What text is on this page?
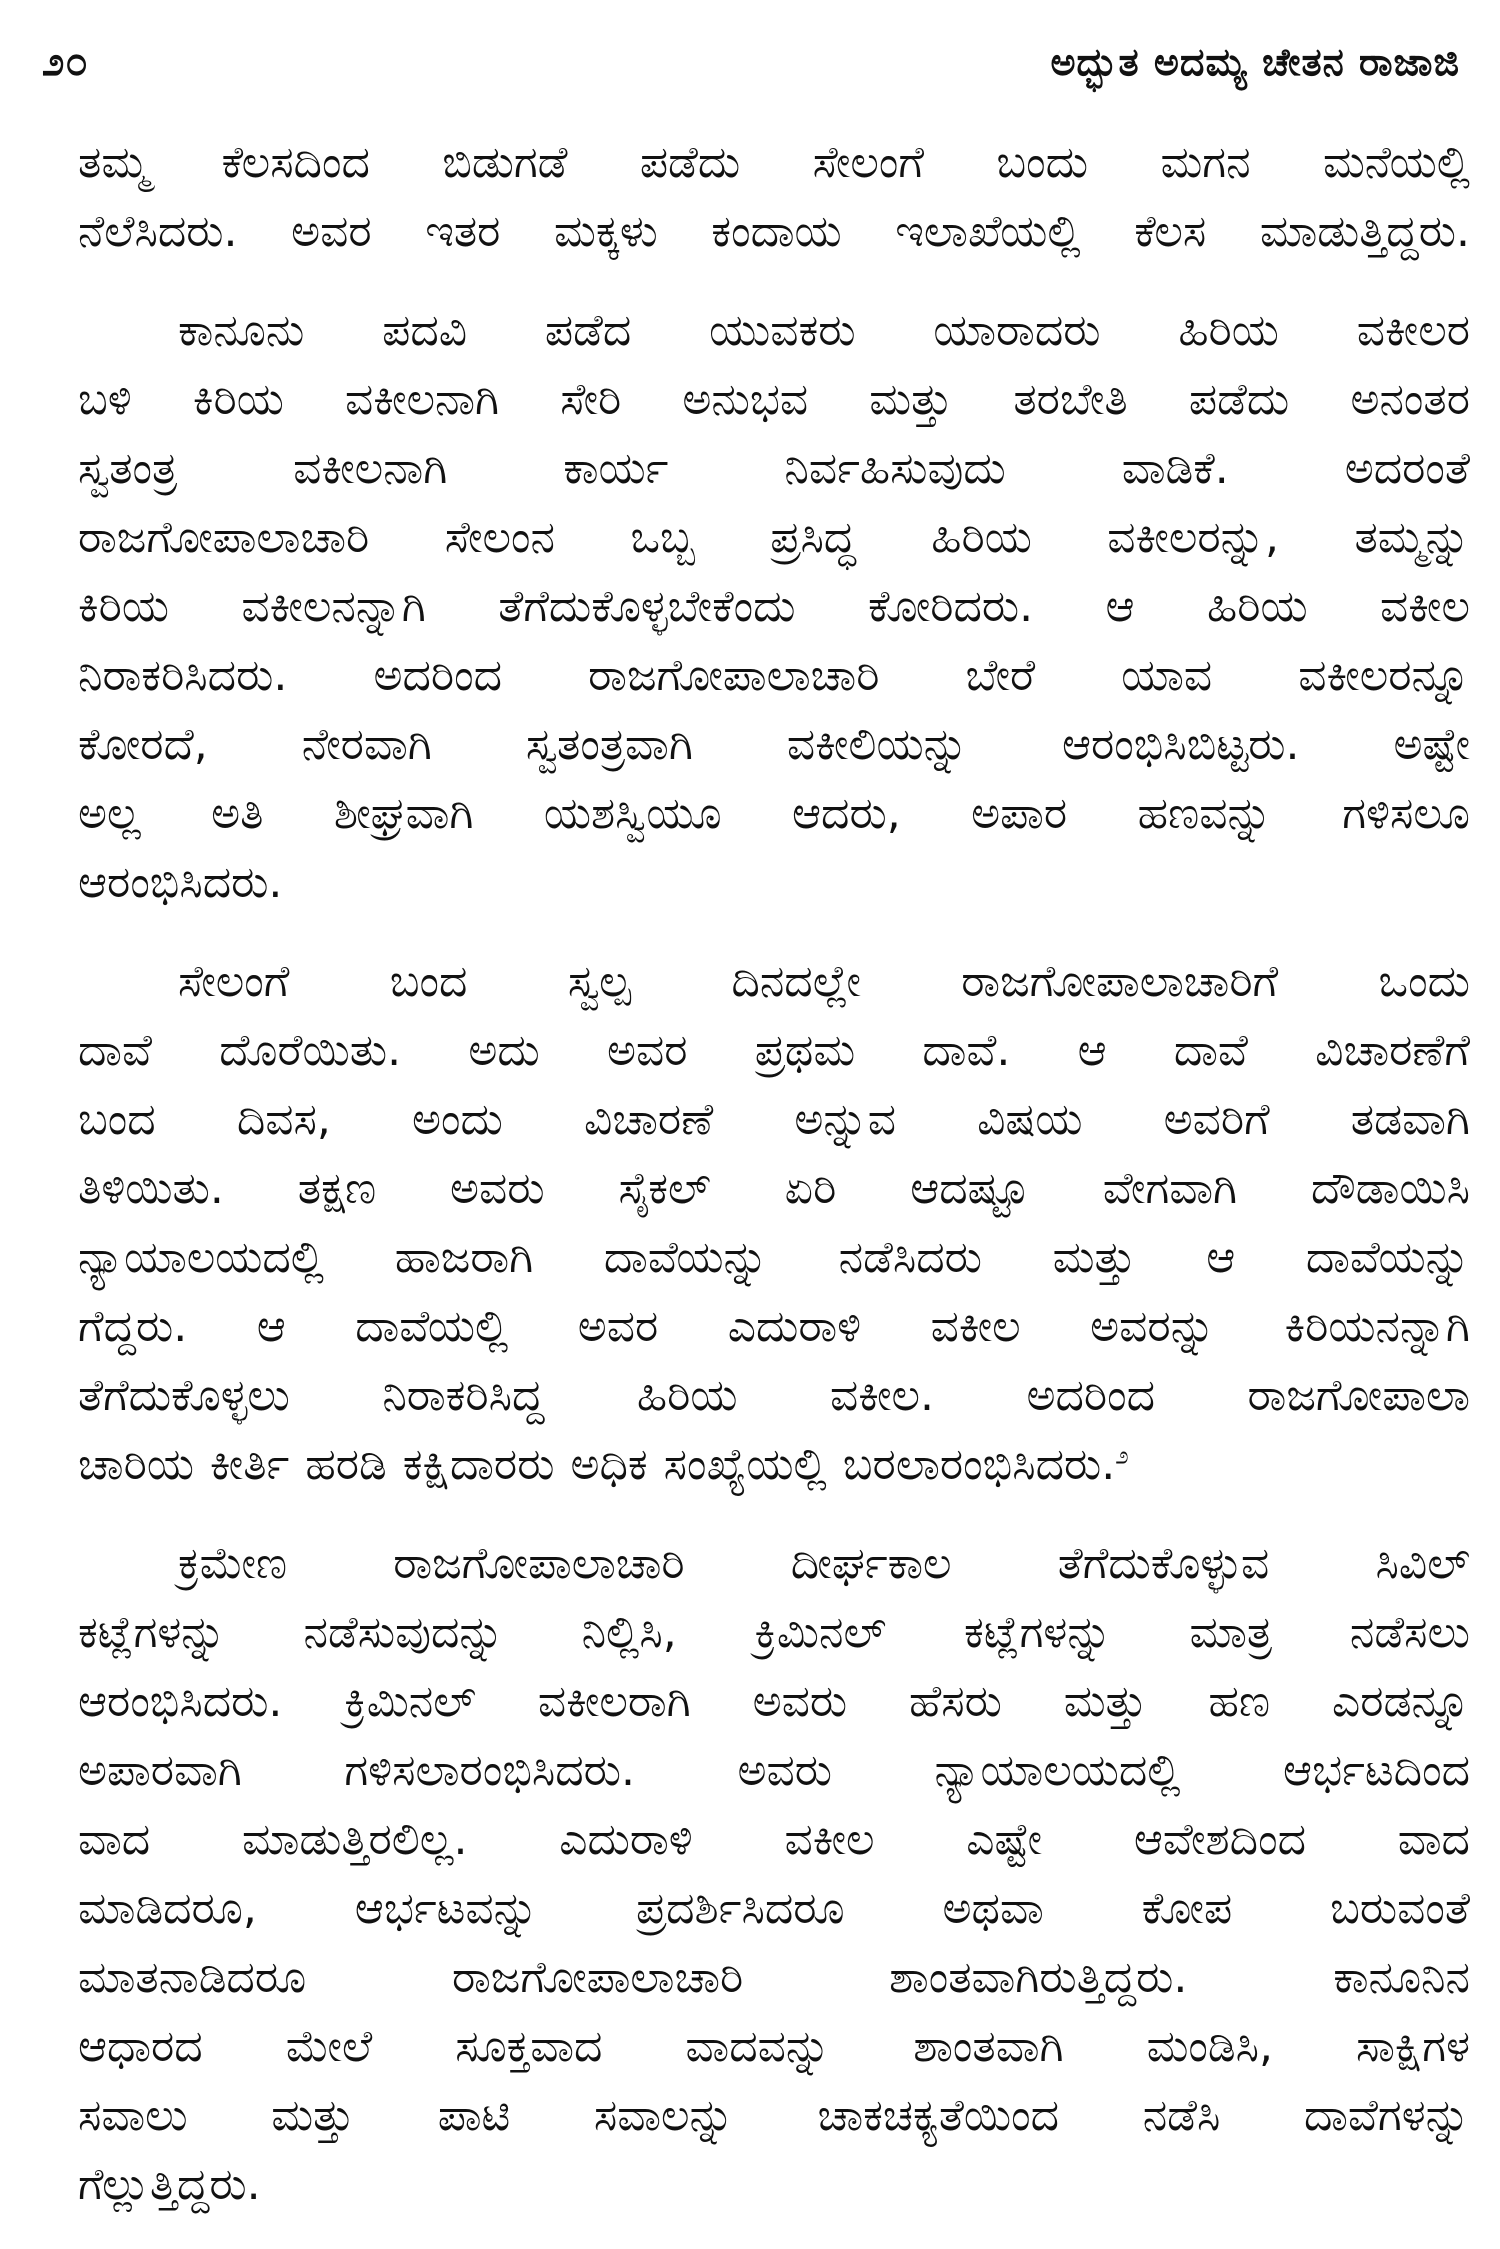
೨೦	ಅದ್ಭುತ ಅದಮ್ಯ ಚೇತನ ರಾಜಾಜಿ
ತಮ್ಮ ಕೆಲಸದಿಂದ ಬಿಡುಗಡೆ ಪಡೆದು ಸೇಲಂಗೆ ಬಂದು ಮಗನ ಮನೆಯಲ್ಲಿ
ನೆಲೆಸಿದರು. ಅವರ ಇತರ ಮಕ್ಕಳು ಕಂದಾಯ ಇಲಾಖೆಯಲ್ಲಿ ಕೆಲಸ ಮಾಡುತ್ತಿದ್ದರು.
ಕಾನೂನು ಪದವಿ ಪಡೆದ ಯುವಕರು ಯಾರಾದರು ಹಿರಿಯ ವಕೀಲರ
ಬಳಿ ಕಿರಿಯ ವಕೀಲನಾಗಿ ಸೇರಿ ಅನುಭವ ಮತ್ತು ತರಬೇತಿ ಪಡೆದು ಅನಂತರ
ಸ್ವತಂತ್ರ ವಕೀಲನಾಗಿ ಕಾರ್ಯ ನಿರ್ವಹಿಸುವುದು ವಾಡಿಕೆ. ಅದರಂತೆ
ರಾಜಗೋಪಾಲಾಚಾರಿ ಸೇಲಂನ ಒಬ್ಬ ಪ್ರಸಿದ್ಧ ಹಿರಿಯ ವಕೀಲರನ್ನು, ತಮ್ಮನ್ನು
ಕಿರಿಯ ವಕೀಲನನ್ನಾಗಿ ತೆಗೆದುಕೊಳ್ಳಬೇಕೆಂದು ಕೋರಿದರು. ಆ ಹಿರಿಯ ವಕೀಲ
ನಿರಾಕರಿಸಿದರು. ಅದರಿಂದ ರಾಜಗೋಪಾಲಾಚಾರಿ ಬೇರೆ ಯಾವ ವಕೀಲರನ್ನೂ
ಕೋರದೆ, ನೇರವಾಗಿ ಸ್ವತಂತ್ರವಾಗಿ ವಕೀಲಿಯನ್ನು ಆರಂಭಿಸಿಬಿಟ್ಟರು. ಅಷ್ಟೇ
ಅಲ್ಲ ಅತಿ ಶೀಘ್ರವಾಗಿ ಯಶಸ್ವಿಯೂ ಆದರು, ಅಪಾರ ಹಣವನ್ನು ಗಳಿಸಲೂ
ಆರಂಭಿಸಿದರು.
ಸೇಲಂಗೆ ಬಂದ ಸ್ವಲ್ಪ ದಿನದಲ್ಲೇ ರಾಜಗೋಪಾಲಾಚಾರಿಗೆ ಒಂದು
ದಾವೆ ದೊರೆಯಿತು. ಅದು ಅವರ ಪ್ರಥಮ ದಾವೆ. ಆ ದಾವೆ ವಿಚಾರಣೆಗೆ
ಬಂದ ದಿವಸ, ಅಂದು ವಿಚಾರಣೆ ಅನ್ನುವ ವಿಷಯ ಅವರಿಗೆ ತಡವಾಗಿ
ತಿಳಿಯಿತು. ತಕ್ಷಣ ಅವರು ಸೈಕಲ್ ಏರಿ ಆದಷ್ಟೂ ವೇಗವಾಗಿ ದೌಡಾಯಿಸಿ
ನ್ಯಾಯಾಲಯದಲ್ಲಿ ಹಾಜರಾಗಿ ದಾವೆಯನ್ನು ನಡೆಸಿದರು ಮತ್ತು ಆ ದಾವೆಯನ್ನು
ಗೆದ್ದರು. ಆ ದಾವೆಯಲ್ಲಿ ಅವರ ಎದುರಾಳಿ ವಕೀಲ ಅವರನ್ನು ಕಿರಿಯನನ್ನಾಗಿ
ತೆಗೆದುಕೊಳ್ಳಲು ನಿರಾಕರಿಸಿದ್ದ ಹಿರಿಯ ವಕೀಲ. ಅದರಿಂದ ರಾಜಗೋಪಾಲಾ
ಚಾರಿಯ ಕೀರ್ತಿ ಹರಡಿ ಕಕ್ಷಿದಾರರು ಅಧಿಕ ಸಂಖ್ಯೆಯಲ್ಲಿ ಬರಲಾರಂಭಿಸಿದರು.$^೨$
ಕ್ರಮೇಣ ರಾಜಗೋಪಾಲಾಚಾರಿ ದೀರ್ಘಕಾಲ ತೆಗೆದುಕೊಳ್ಳುವ ಸಿವಿಲ್
ಕಟ್ಲೆಗಳನ್ನು ನಡೆಸುವುದನ್ನು ನಿಲ್ಲಿಸಿ, ಕ್ರಿಮಿನಲ್ ಕಟ್ಲೆಗಳನ್ನು ಮಾತ್ರ ನಡೆಸಲು
ಆರಂಭಿಸಿದರು. ಕ್ರಿಮಿನಲ್ ವಕೀಲರಾಗಿ ಅವರು ಹೆಸರು ಮತ್ತು ಹಣ ಎರಡನ್ನೂ
ಅಪಾರವಾಗಿ ಗಳಿಸಲಾರಂಭಿಸಿದರು. ಅವರು ನ್ಯಾಯಾಲಯದಲ್ಲಿ ಆರ್ಭಟದಿಂದ
ವಾದ ಮಾಡುತ್ತಿರಲಿಲ್ಲ. ಎದುರಾಳಿ ವಕೀಲ ಎಷ್ಟೇ ಆವೇಶದಿಂದ ವಾದ
ಮಾಡಿದರೂ, ಆರ್ಭಟವನ್ನು ಪ್ರದರ್ಶಿಸಿದರೂ ಅಥವಾ ಕೋಪ ಬರುವಂತೆ
ಮಾತನಾಡಿದರೂ ರಾಜಗೋಪಾಲಾಚಾರಿ ಶಾಂತವಾಗಿರುತ್ತಿದ್ದರು. ಕಾನೂನಿನ
ಆಧಾರದ ಮೇಲೆ ಸೂಕ್ತವಾದ ವಾದವನ್ನು ಶಾಂತವಾಗಿ ಮಂಡಿಸಿ, ಸಾಕ್ಷಿಗಳ
ಸವಾಲು ಮತ್ತು ಪಾಟಿ ಸವಾಲನ್ನು ಚಾಕಚಕ್ಯತೆಯಿಂದ ನಡೆಸಿ ದಾವೆಗಳನ್ನು
ಗೆಲ್ಲುತ್ತಿದ್ದರು.
